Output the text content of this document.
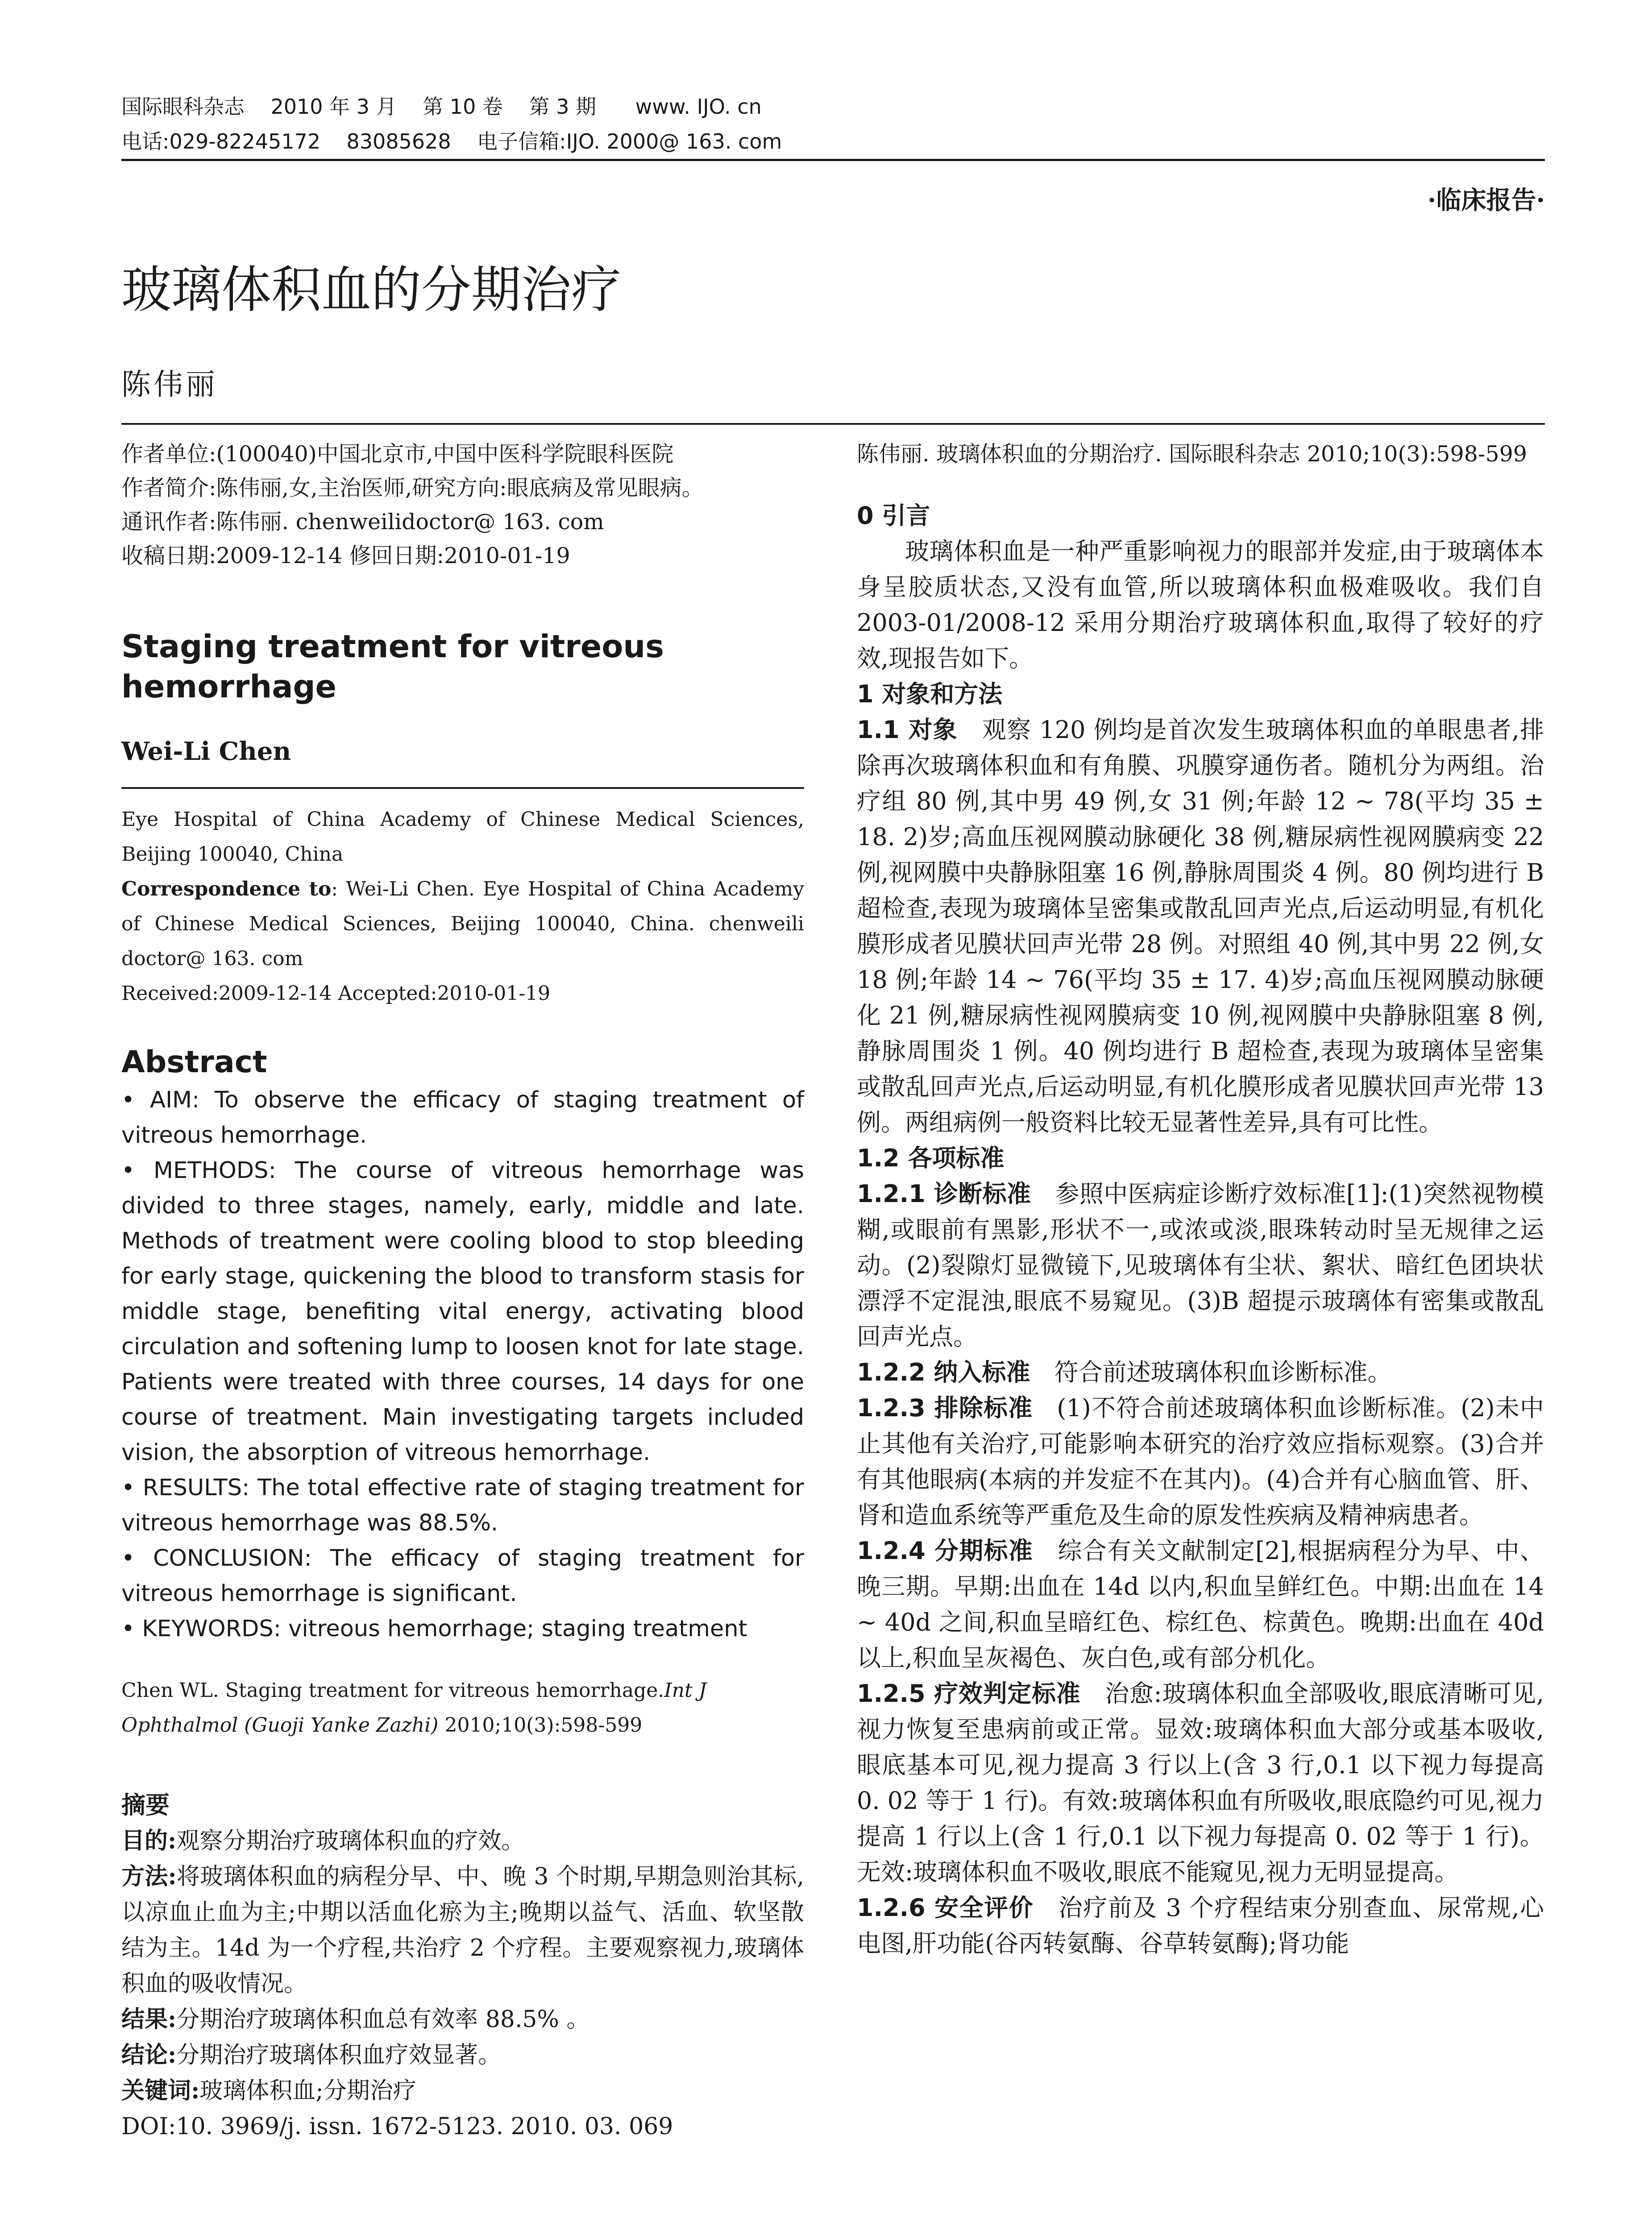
国际眼科杂志    2010 年 3 月    第 10 卷    第 3 期      www. IJO. cn
电话:029-82245172    83085628    电子信箱:IJO. 2000@ 163. com
·临床报告·
玻璃体积血的分期治疗
陈伟丽

作者单位:(100040)中国北京市,中国中医科学院眼科医院

作者简介:陈伟丽,女,主治医师,研究方向:眼底病及常见眼病。

通讯作者:陈伟丽. chenweilidoctor@ 163. com

收稿日期:2009-12-14 修回日期:2010-01-19

Staging treatment for vitreous hemorrhage

Wei-Li Chen

Eye Hospital of China Academy of Chinese Medical Sciences, Beijing 100040, China

Correspondence to: Wei-Li Chen. Eye Hospital of China Academy of Chinese Medical Sciences, Beijing 100040, China. chenweili doctor@ 163. com

Received:2009-12-14 Accepted:2010-01-19

Abstract

• AIM: To observe the efficacy of staging treatment of vitreous hemorrhage.

• METHODS: The course of vitreous hemorrhage was divided to three stages, namely, early, middle and late. Methods of treatment were cooling blood to stop bleeding for early stage, quickening the blood to transform stasis for middle stage, benefiting vital energy, activating blood circulation and softening lump to loosen knot for late stage. Patients were treated with three courses, 14 days for one course of treatment. Main investigating targets included vision, the absorption of vitreous hemorrhage.

• RESULTS: The total effective rate of staging treatment for vitreous hemorrhage was 88.5%.

• CONCLUSION: The efficacy of staging treatment for vitreous hemorrhage is significant.

• KEYWORDS: vitreous hemorrhage; staging treatment

Chen WL. Staging treatment for vitreous hemorrhage.Int J Ophthalmol (Guoji Yanke Zazhi) 2010;10(3):598-599

摘要

目的:观察分期治疗玻璃体积血的疗效。

方法:将玻璃体积血的病程分早、中、晚 3 个时期,早期急则治其标,以凉血止血为主;中期以活血化瘀为主;晚期以益气、活血、软坚散结为主。14d 为一个疗程,共治疗 2 个疗程。主要观察视力,玻璃体积血的吸收情况。

结果:分期治疗玻璃体积血总有效率 88.5% 。

结论:分期治疗玻璃体积血疗效显著。

关键词:玻璃体积血;分期治疗

DOI:10. 3969/j. issn. 1672-5123. 2010. 03. 069

陈伟丽. 玻璃体积血的分期治疗. 国际眼科杂志 2010;10(3):598-599

0 引言

玻璃体积血是一种严重影响视力的眼部并发症,由于玻璃体本身呈胶质状态,又没有血管,所以玻璃体积血极难吸收。我们自 2003-01/2008-12 采用分期治疗玻璃体积血,取得了较好的疗效,现报告如下。

1 对象和方法

1.1 对象  观察 120 例均是首次发生玻璃体积血的单眼患者,排除再次玻璃体积血和有角膜、巩膜穿通伤者。随机分为两组。治疗组 80 例,其中男 49 例,女 31 例;年龄 12 ~ 78(平均 35 ± 18. 2)岁;高血压视网膜动脉硬化 38 例,糖尿病性视网膜病变 22 例,视网膜中央静脉阻塞 16 例,静脉周围炎 4 例。80 例均进行 B 超检查,表现为玻璃体呈密集或散乱回声光点,后运动明显,有机化膜形成者见膜状回声光带 28 例。对照组 40 例,其中男 22 例,女 18 例;年龄 14 ~ 76(平均 35 ± 17. 4)岁;高血压视网膜动脉硬化 21 例,糖尿病性视网膜病变 10 例,视网膜中央静脉阻塞 8 例,静脉周围炎 1 例。40 例均进行 B 超检查,表现为玻璃体呈密集或散乱回声光点,后运动明显,有机化膜形成者见膜状回声光带 13 例。两组病例一般资料比较无显著性差异,具有可比性。

1.2 各项标准

1.2.1 诊断标准  参照中医病症诊断疗效标准[1]:(1)突然视物模糊,或眼前有黑影,形状不一,或浓或淡,眼珠转动时呈无规律之运动。(2)裂隙灯显微镜下,见玻璃体有尘状、絮状、暗红色团块状漂浮不定混浊,眼底不易窥见。(3)B 超提示玻璃体有密集或散乱回声光点。

1.2.2 纳入标准  符合前述玻璃体积血诊断标准。

1.2.3 排除标准  (1)不符合前述玻璃体积血诊断标准。(2)未中止其他有关治疗,可能影响本研究的治疗效应指标观察。(3)合并有其他眼病(本病的并发症不在其内)。(4)合并有心脑血管、肝、肾和造血系统等严重危及生命的原发性疾病及精神病患者。

1.2.4 分期标准  综合有关文献制定[2],根据病程分为早、中、晚三期。早期:出血在 14d 以内,积血呈鲜红色。中期:出血在 14 ~ 40d 之间,积血呈暗红色、棕红色、棕黄色。晚期:出血在 40d 以上,积血呈灰褐色、灰白色,或有部分机化。

1.2.5 疗效判定标准  治愈:玻璃体积血全部吸收,眼底清晰可见,视力恢复至患病前或正常。显效:玻璃体积血大部分或基本吸收,眼底基本可见,视力提高 3 行以上(含 3 行,0.1 以下视力每提高 0. 02 等于 1 行)。有效:玻璃体积血有所吸收,眼底隐约可见,视力提高 1 行以上(含 1 行,0.1 以下视力每提高 0. 02 等于 1 行)。无效:玻璃体积血不吸收,眼底不能窥见,视力无明显提高。

1.2.6 安全评价  治疗前及 3 个疗程结束分别查血、尿常规,心电图,肝功能(谷丙转氨酶、谷草转氨酶);肾功能
